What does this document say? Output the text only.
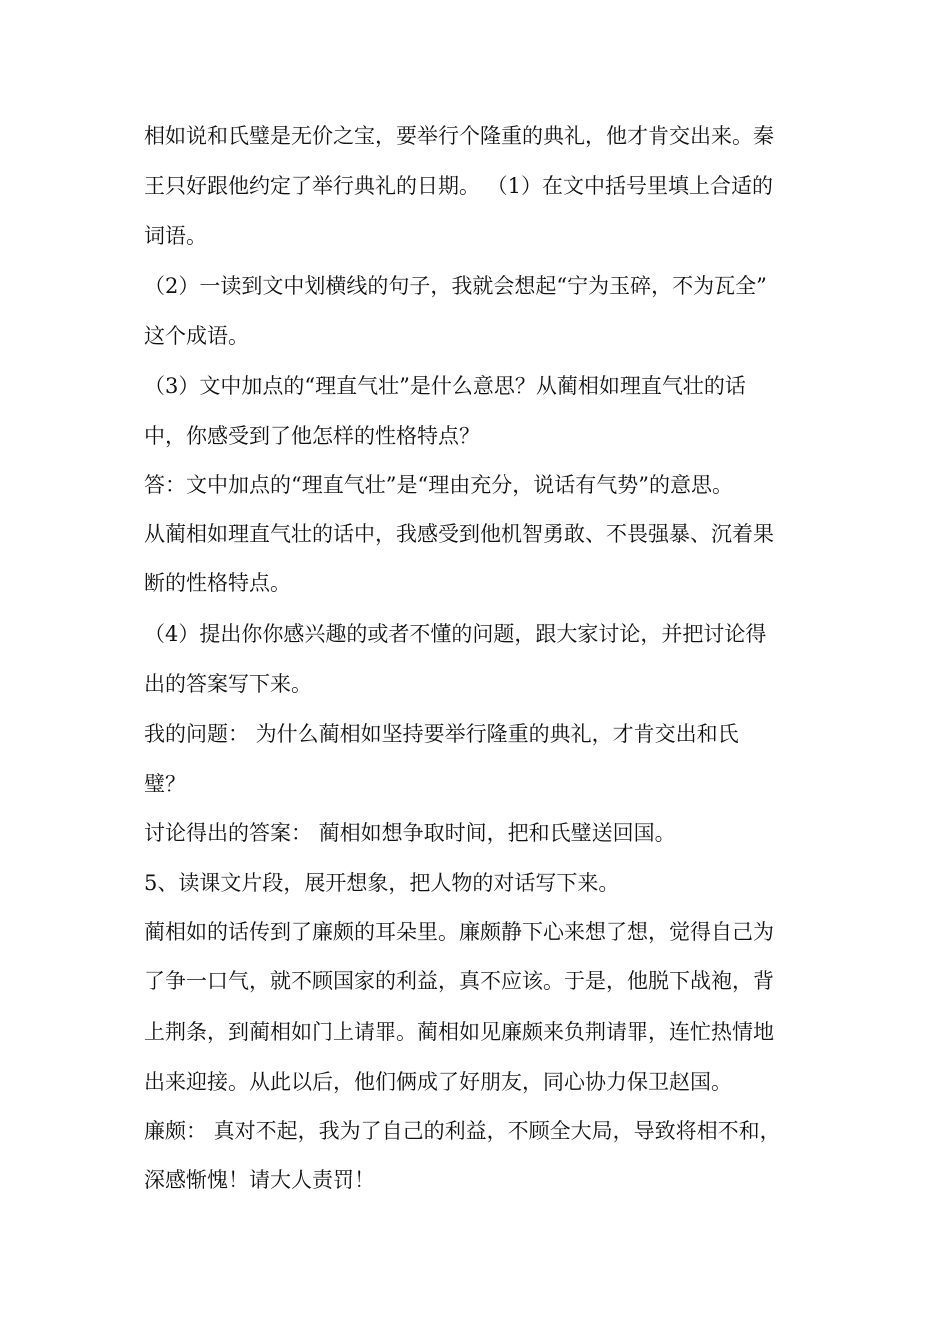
相如说和氏璧是无价之宝，要举行个隆重的典礼，他才肯交出来。秦
王只好跟他约定了举行典礼的日期。 （1）在文中括号里填上合适的
词语。
（2）一读到文中划横线的句子，我就会想起“宁为玉碎，不为瓦全”
这个成语。
（3）文中加点的“理直气壮”是什么意思？从蔺相如理直气壮的话
中，你感受到了他怎样的性格特点？
答：文中加点的“理直气壮”是“理由充分，说话有气势”的意思。
从蔺相如理直气壮的话中，我感受到他机智勇敢、不畏强暴、沉着果
断的性格特点。
（4）提出你你感兴趣的或者不懂的问题，跟大家讨论，并把讨论得
出的答案写下来。
我的问题： 为什么蔺相如坚持要举行隆重的典礼，才肯交出和氏
璧？
讨论得出的答案： 蔺相如想争取时间，把和氏璧送回国。
5、读课文片段，展开想象，把人物的对话写下来。
蔺相如的话传到了廉颇的耳朵里。廉颇静下心来想了想，觉得自己为
了争一口气，就不顾国家的利益，真不应该。于是，他脱下战袍，背
上荆条，到蔺相如门上请罪。蔺相如见廉颇来负荆请罪，连忙热情地
出来迎接。从此以后，他们俩成了好朋友，同心协力保卫赵国。
廉颇： 真对不起，我为了自己的利益，不顾全大局，导致将相不和，
深感惭愧！请大人责罚！
